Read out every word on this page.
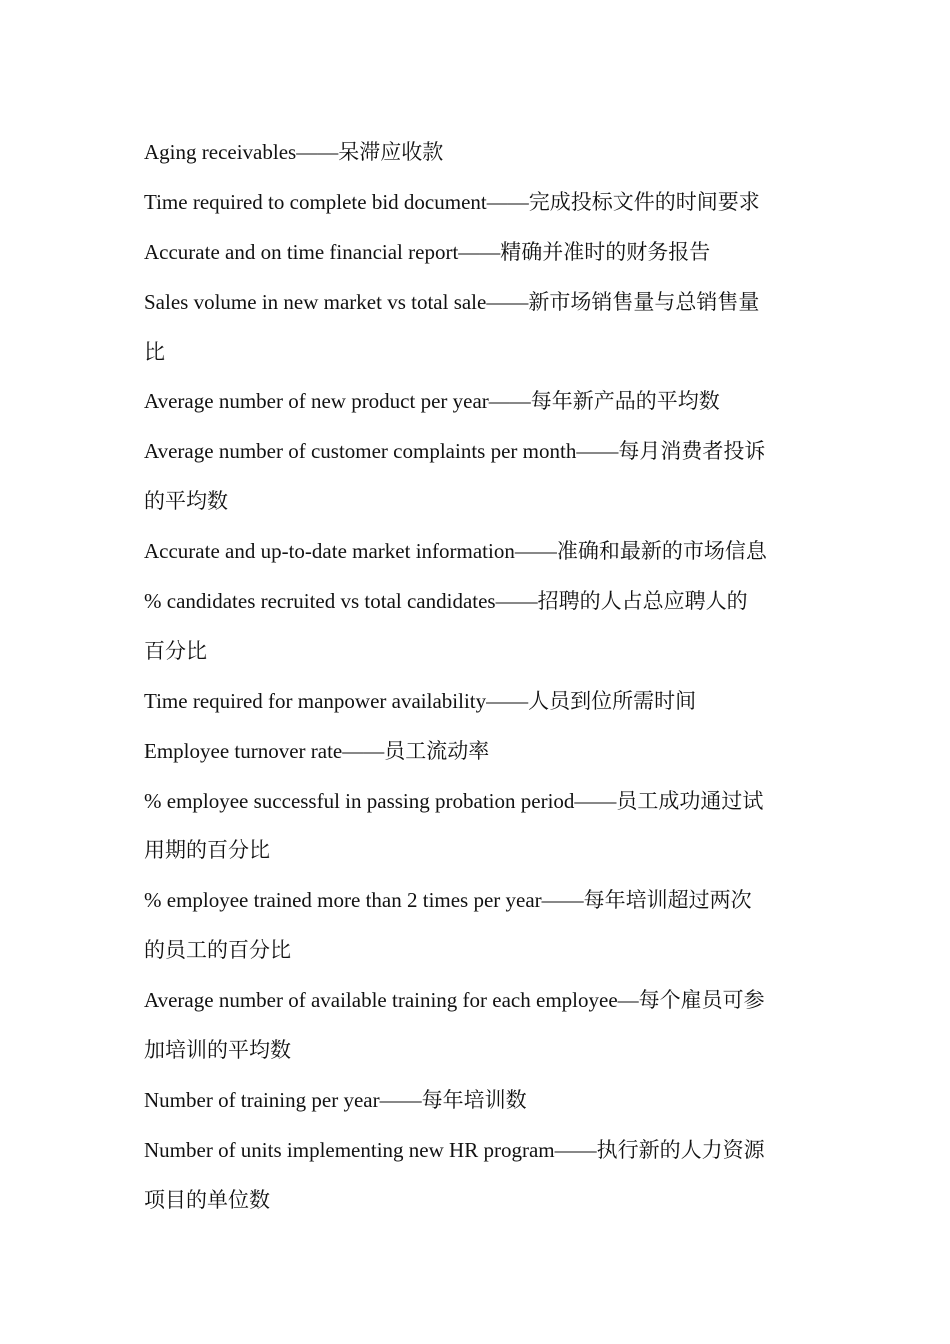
Aging receivables——呆滞应收款
Time required to complete bid document——完成投标文件的时间要求
Accurate and on time financial report——精确并准时的财务报告
Sales volume in new market vs total sale——新市场销售量与总销售量
比
Average number of new product per year——每年新产品的平均数
Average number of customer complaints per month——每月消费者投诉
的平均数
Accurate and up-to-date market information——准确和最新的市场信息
% candidates recruited vs total candidates——招聘的人占总应聘人的
百分比
Time required for manpower availability——人员到位所需时间
Employee turnover rate——员工流动率
% employee successful in passing probation period——员工成功通过试
用期的百分比
% employee trained more than 2 times per year——每年培训超过两次
的员工的百分比
Average number of available training for each employee—每个雇员可参
加培训的平均数
Number of training per year——每年培训数
Number of units implementing new HR program——执行新的人力资源
项目的单位数
